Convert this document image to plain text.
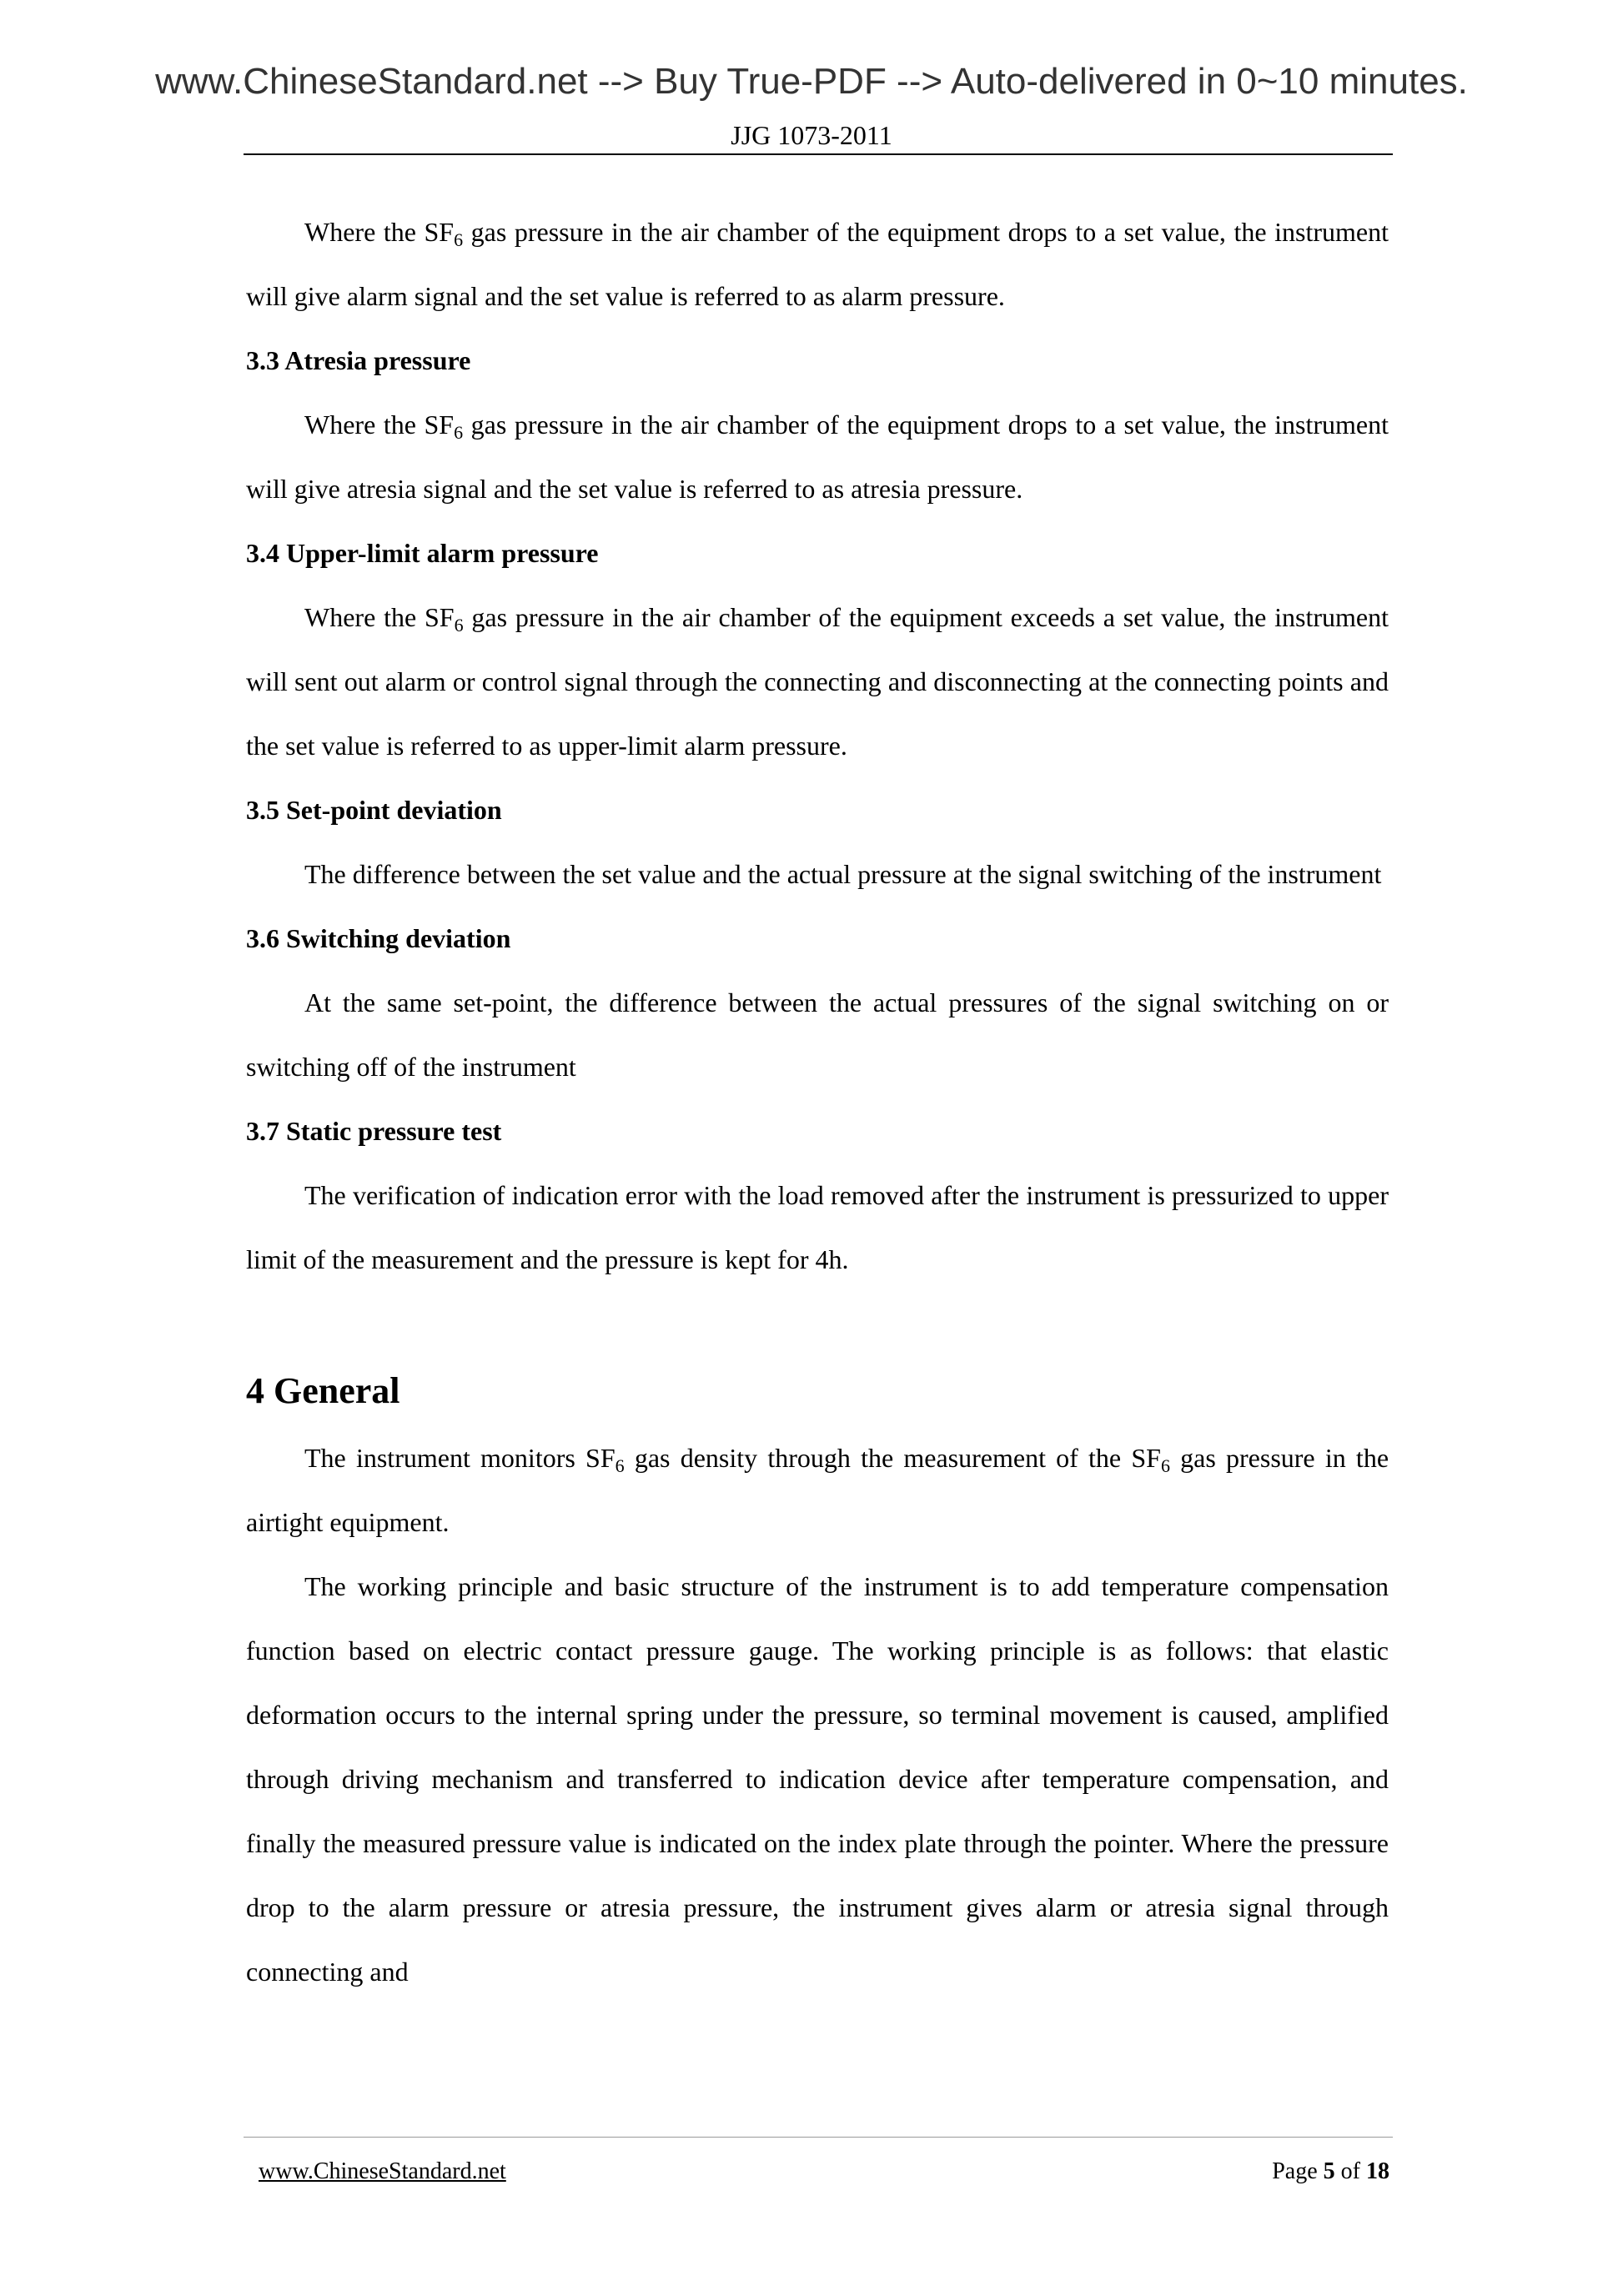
www.ChineseStandard.net --> Buy True-PDF --> Auto-delivered in 0~10 minutes.
JJG 1073-2011

Where the $SF_6$ gas pressure in the air chamber of the equipment drops to a set value, the instrument will give alarm signal and the set value is referred to as alarm pressure.

3.3 Atresia pressure

Where the $SF_6$ gas pressure in the air chamber of the equipment drops to a set value, the instrument will give atresia signal and the set value is referred to as atresia pressure.

3.4 Upper-limit alarm pressure

Where the $SF_6$ gas pressure in the air chamber of the equipment exceeds a set value, the instrument will sent out alarm or control signal through the connecting and disconnecting at the connecting points and the set value is referred to as upper-limit alarm pressure.

3.5 Set-point deviation

The difference between the set value and the actual pressure at the signal switching of the instrument

3.6 Switching deviation

At the same set-point, the difference between the actual pressures of the signal switching on or switching off of the instrument

3.7 Static pressure test

The verification of indication error with the load removed after the instrument is pressurized to upper limit of the measurement and the pressure is kept for 4h.

4 General

The instrument monitors $SF_6$ gas density through the measurement of the $SF_6$ gas pressure in the airtight equipment.

The working principle and basic structure of the instrument is to add temperature compensation function based on electric contact pressure gauge. The working principle is as follows: that elastic deformation occurs to the internal spring under the pressure, so terminal movement is caused, amplified through driving mechanism and transferred to indication device after temperature compensation, and finally the measured pressure value is indicated on the index plate through the pointer. Where the pressure drop to the alarm pressure or atresia pressure, the instrument gives alarm or atresia signal through connecting and

www.ChineseStandard.net	Page 5 of 18
